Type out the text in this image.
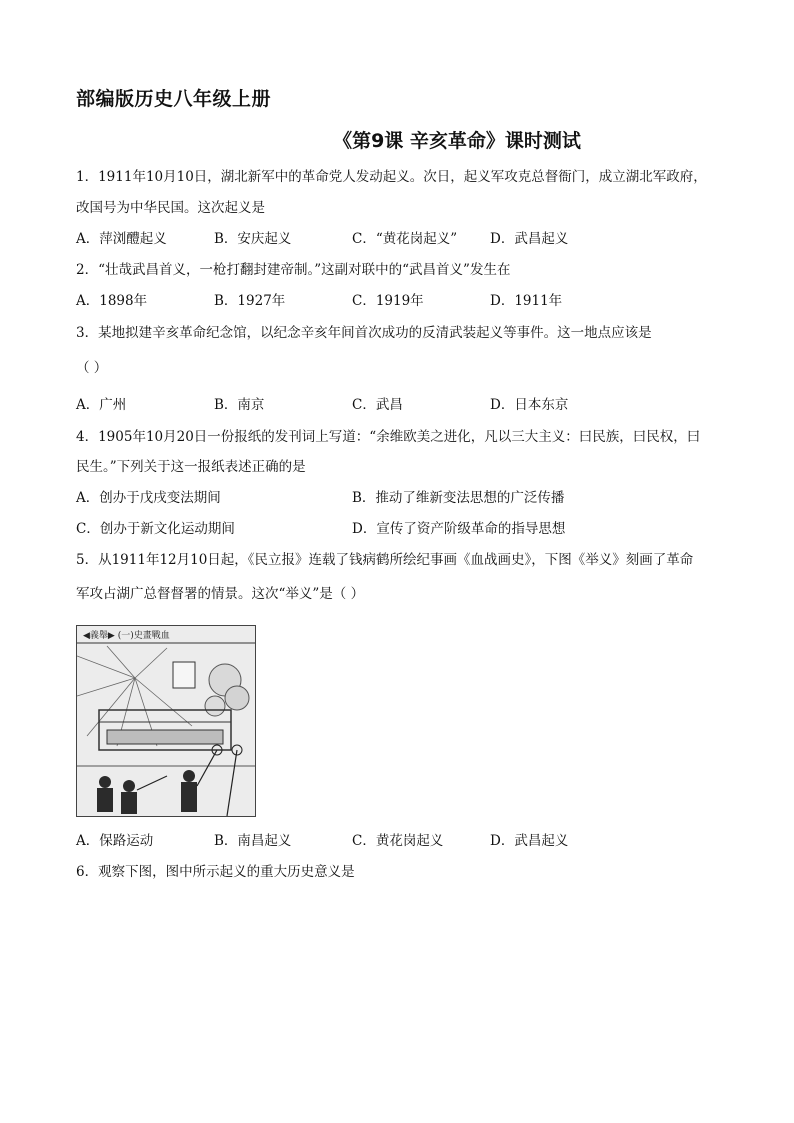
部编版历史八年级上册
《第9课 辛亥革命》课时测试
1．1911年10月10日，湖北新军中的革命党人发动起义。次日，起义军攻克总督衙门，成立湖北军政府，
改国号为中华民国。这次起义是
A．萍浏醴起义	B．安庆起义	C．“黄花岗起义” D．武昌起义
2．“壮哉武昌首义，一枪打翻封建帝制。”这副对联中的“武昌首义”发生在
A．1898年	B．1927年	C．1919年	D．1911年
3．某地拟建辛亥革命纪念馆，以纪念辛亥年间首次成功的反清武装起义等事件。这一地点应该是
（ ）
A．广州	B．南京	C．武昌	D．日本东京
4．1905年10月20日一份报纸的发刊词上写道：“余维欧美之进化，凡以三大主义：曰民族，曰民权，曰
民生。”下列关于这一报纸表述正确的是
A．创办于戊戌变法期间	B．推动了维新变法思想的广泛传播
C．创办于新文化运动期间	D．宣传了资产阶级革命的指导思想
5．从1911年12月10日起，《民立报》连载了钱病鹤所绘纪事画《血战画史》，下图《举义》刻画了革命
军攻占湖广总督督署的情景。这次“举义”是（ ）
◀義舉▶ (一)史畫戰血
A．保路运动	B．南昌起义	C．黄花岗起义	D．武昌起义
6．观察下图，图中所示起义的重大历史意义是
